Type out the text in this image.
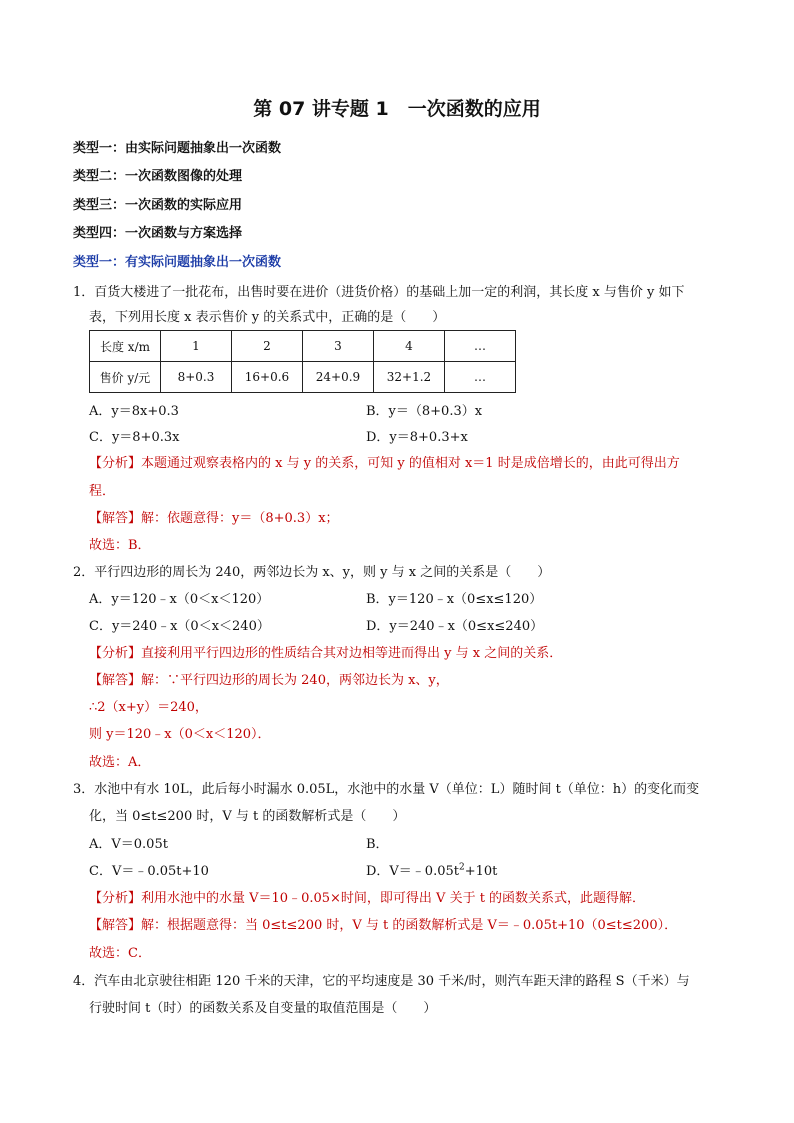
第 07 讲专题 1　一次函数的应用
类型一：由实际问题抽象出一次函数
类型二：一次函数图像的处理
类型三：一次函数的实际应用
类型四：一次函数与方案选择
类型一：有实际问题抽象出一次函数
1．百货大楼进了一批花布，出售时要在进价（进货价格）的基础上加一定的利润，其长度 x 与售价 y 如下
表，下列用长度 x 表示售价 y 的关系式中，正确的是（　　）
长度 x/m	1	2	3	4	…
售价 y/元	8+0.3	16+0.6	24+0.9	32+1.2	…
A．y＝8x+0.3	B．y＝（8+0.3）x
C．y＝8+0.3x	D．y＝8+0.3+x
【分析】本题通过观察表格内的 x 与 y 的关系，可知 y 的值相对 x＝1 时是成倍增长的，由此可得出方
程．
【解答】解：依题意得：y＝（8+0.3）x；
故选：B．
2．平行四边形的周长为 240，两邻边长为 x、y，则 y 与 x 之间的关系是（　　）
A．y＝120﹣x（0＜x＜120）	B．y＝120﹣x（0≤x≤120）
C．y＝240﹣x（0＜x＜240）	D．y＝240﹣x（0≤x≤240）
【分析】直接利用平行四边形的性质结合其对边相等进而得出 y 与 x 之间的关系．
【解答】解：∵平行四边形的周长为 240，两邻边长为 x、y，
∴2（x+y）＝240，
则 y＝120﹣x（0＜x＜120）．
故选：A．
3．水池中有水 10L，此后每小时漏水 0.05L，水池中的水量 V（单位：L）随时间 t（单位：h）的变化而变
化，当 0≤t≤200 时，V 与 t 的函数解析式是（　　）
A．V＝0.05t	B．
C．V＝﹣0.05t+10	D．$V=﹣0.05t^2+10t$
【分析】利用水池中的水量 V＝10﹣0.05×时间，即可得出 V 关于 t 的函数关系式，此题得解．
【解答】解：根据题意得：当 0≤t≤200 时，V 与 t 的函数解析式是 V＝﹣0.05t+10（0≤t≤200）．
故选：C．
4．汽车由北京驶往相距 120 千米的天津，它的平均速度是 30 千米/时，则汽车距天津的路程 S（千米）与
行驶时间 t（时）的函数关系及自变量的取值范围是（　　）
